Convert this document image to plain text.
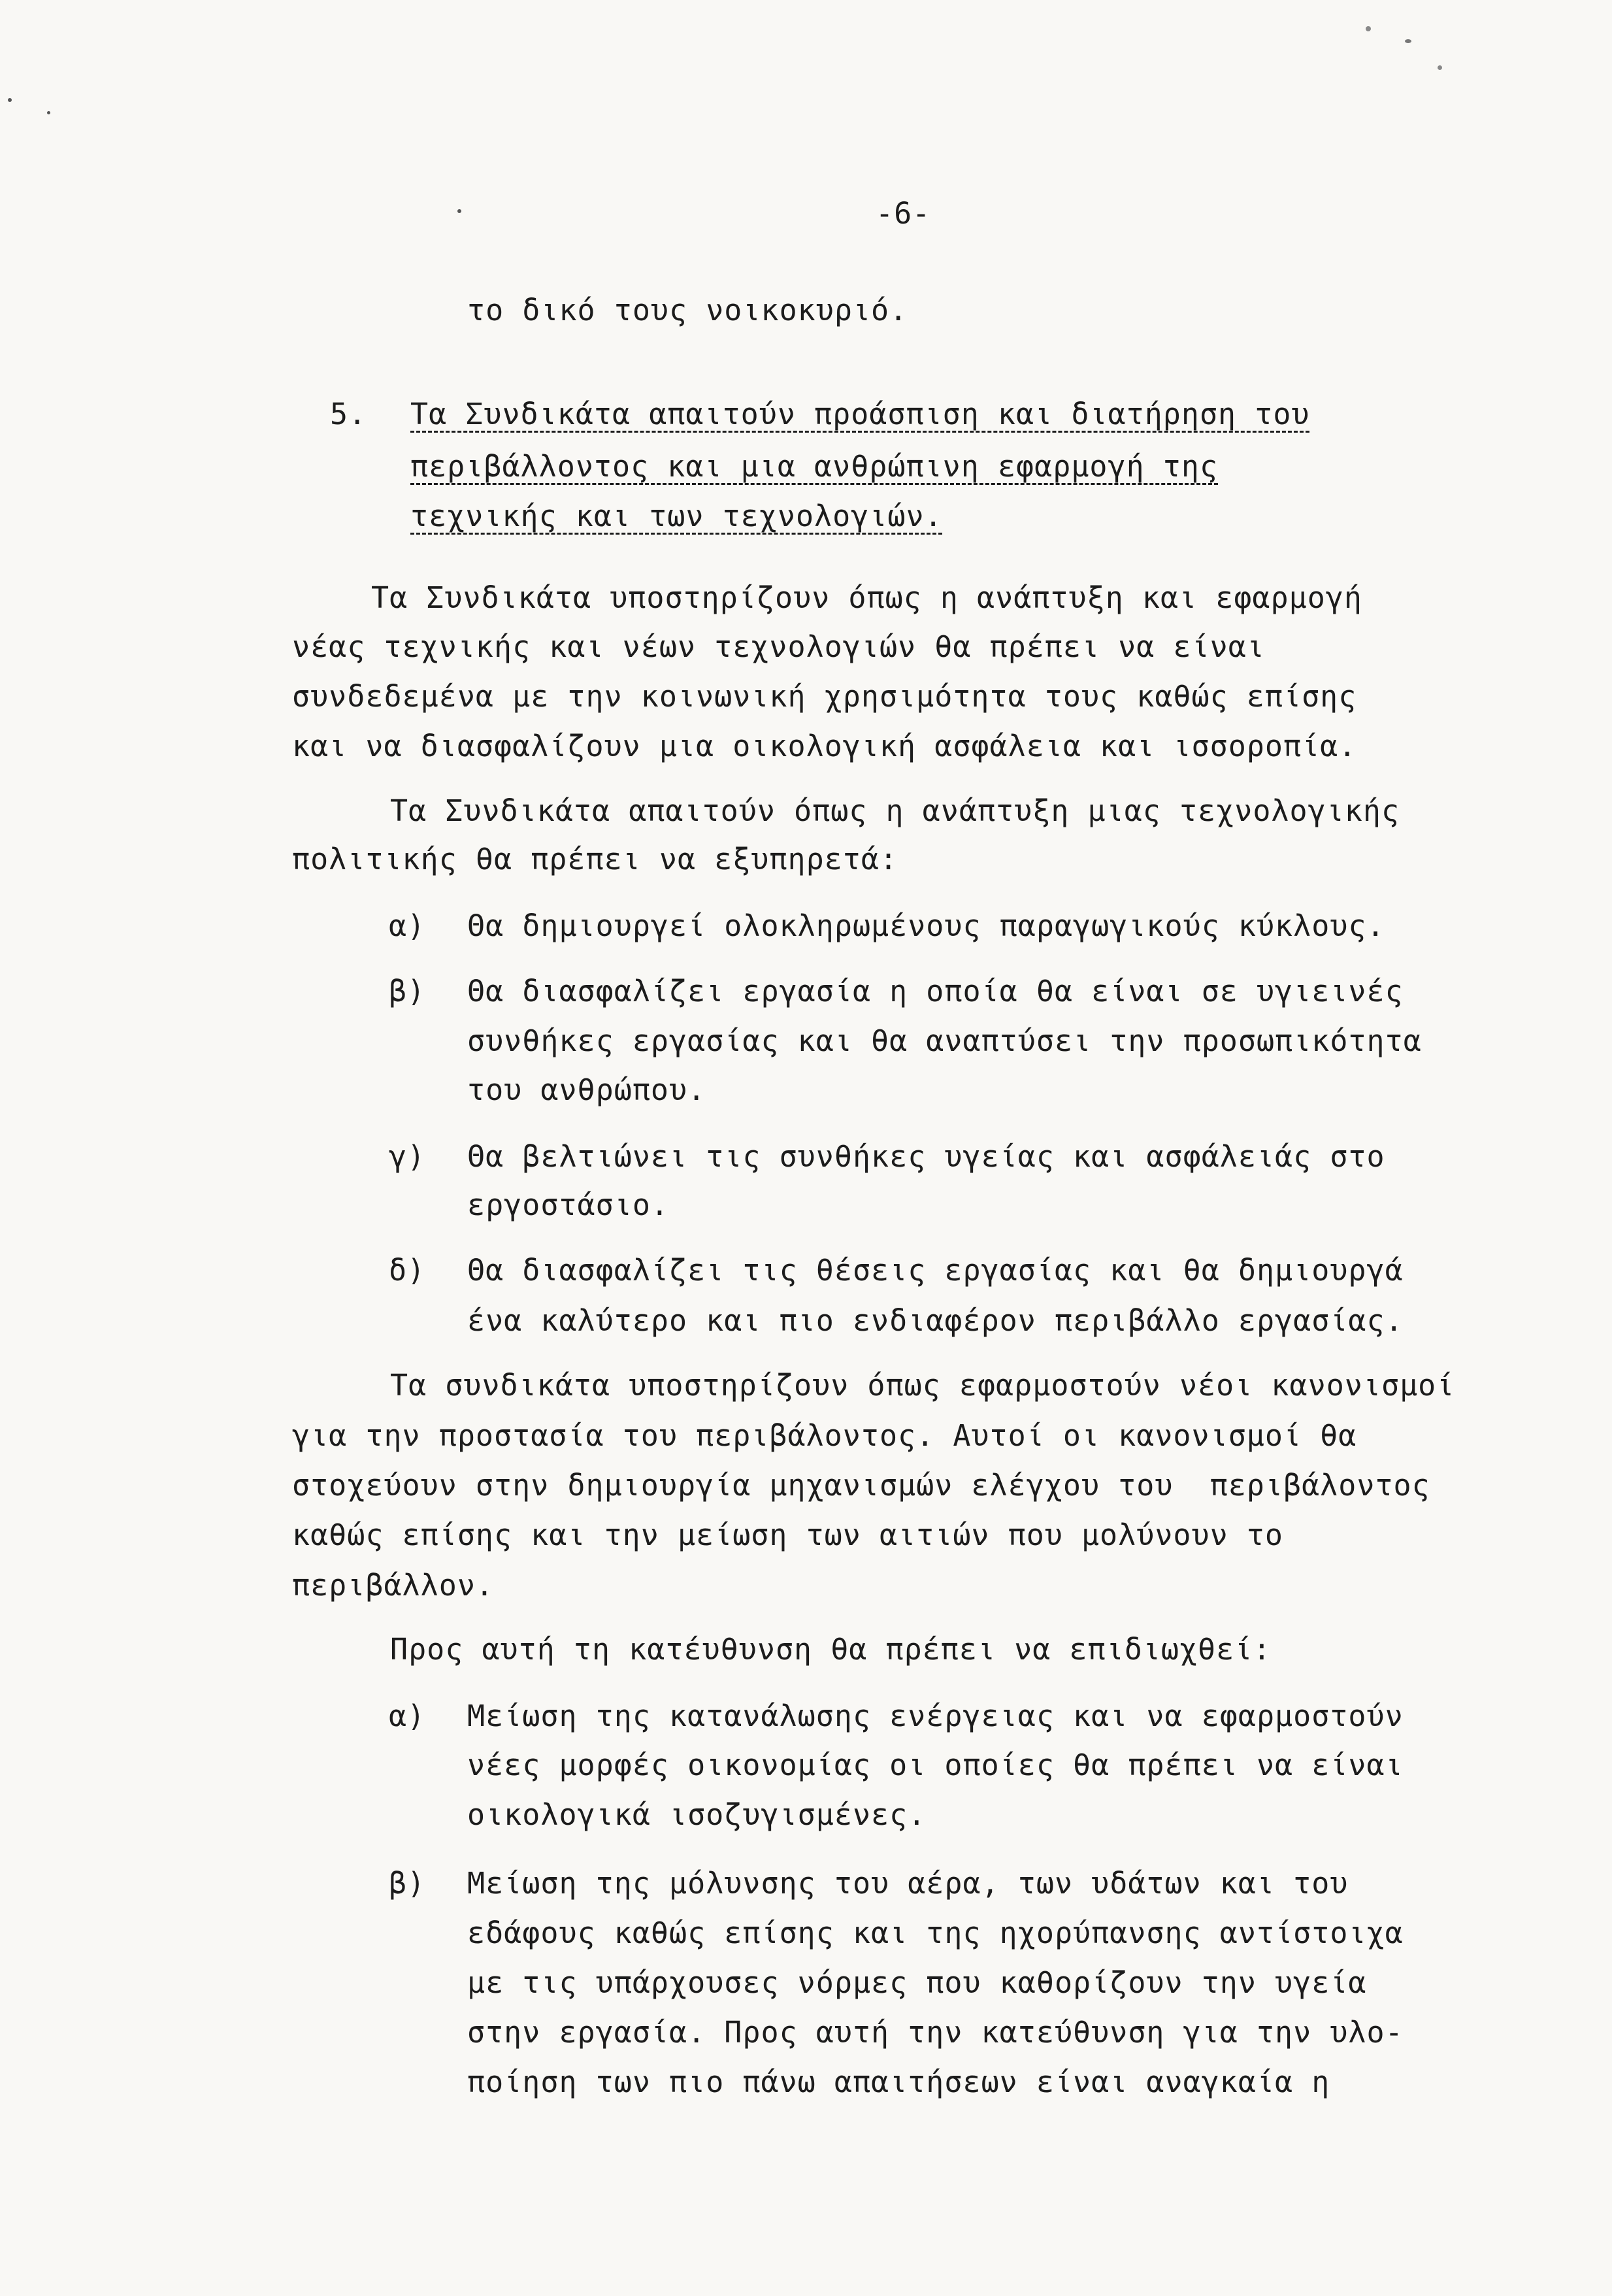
-6-
το δικό τους νοικοκυριό.
5. Τα Συνδικάτα απαιτούν προάσπιση και διατήρηση του
περιβάλλοντος και μια ανθρώπινη εφαρμογή της
τεχνικής και των τεχνολογιών.
Τα Συνδικάτα υποστηρίζουν όπως η ανάπτυξη και εφαρμογή
νέας τεχνικής και νέων τεχνολογιών θα πρέπει να είναι
συνδεδεμένα με την κοινωνική χρησιμότητα τους καθώς επίσης
και να διασφαλίζουν μια οικολογική ασφάλεια και ισσοροπία.
Τα Συνδικάτα απαιτούν όπως η ανάπτυξη μιας τεχνολογικής
πολιτικής θα πρέπει να εξυπηρετά:
α) Θα δημιουργεί ολοκληρωμένους παραγωγικούς κύκλους.
β) Θα διασφαλίζει εργασία η οποία θα είναι σε υγιεινές
συνθήκες εργασίας και θα αναπτύσει την προσωπικότητα
του ανθρώπου.
γ) Θα βελτιώνει τις συνθήκες υγείας και ασφάλειάς στο
εργοστάσιο.
δ) Θα διασφαλίζει τις θέσεις εργασίας και θα δημιουργά
ένα καλύτερο και πιο ενδιαφέρον περιβάλλο εργασίας.
Τα συνδικάτα υποστηρίζουν όπως εφαρμοστούν νέοι κανονισμοί
για την προστασία του περιβάλοντος. Αυτοί οι κανονισμοί θα
στοχεύουν στην δημιουργία μηχανισμών ελέγχου του  περιβάλοντος
καθώς επίσης και την μείωση των αιτιών που μολύνουν το
περιβάλλον.
Προς αυτή τη κατέυθυνση θα πρέπει να επιδιωχθεί:
α) Μείωση της κατανάλωσης ενέργειας και να εφαρμοστούν
νέες μορφές οικονομίας οι οποίες θα πρέπει να είναι
οικολογικά ισοζυγισμένες.
β) Μείωση της μόλυνσης του αέρα, των υδάτων και του
εδάφους καθώς επίσης και της ηχορύπανσης αντίστοιχα
με τις υπάρχουσες νόρμες που καθορίζουν την υγεία
στην εργασία. Προς αυτή την κατεύθυνση για την υλο-
ποίηση των πιο πάνω απαιτήσεων είναι αναγκαία η
